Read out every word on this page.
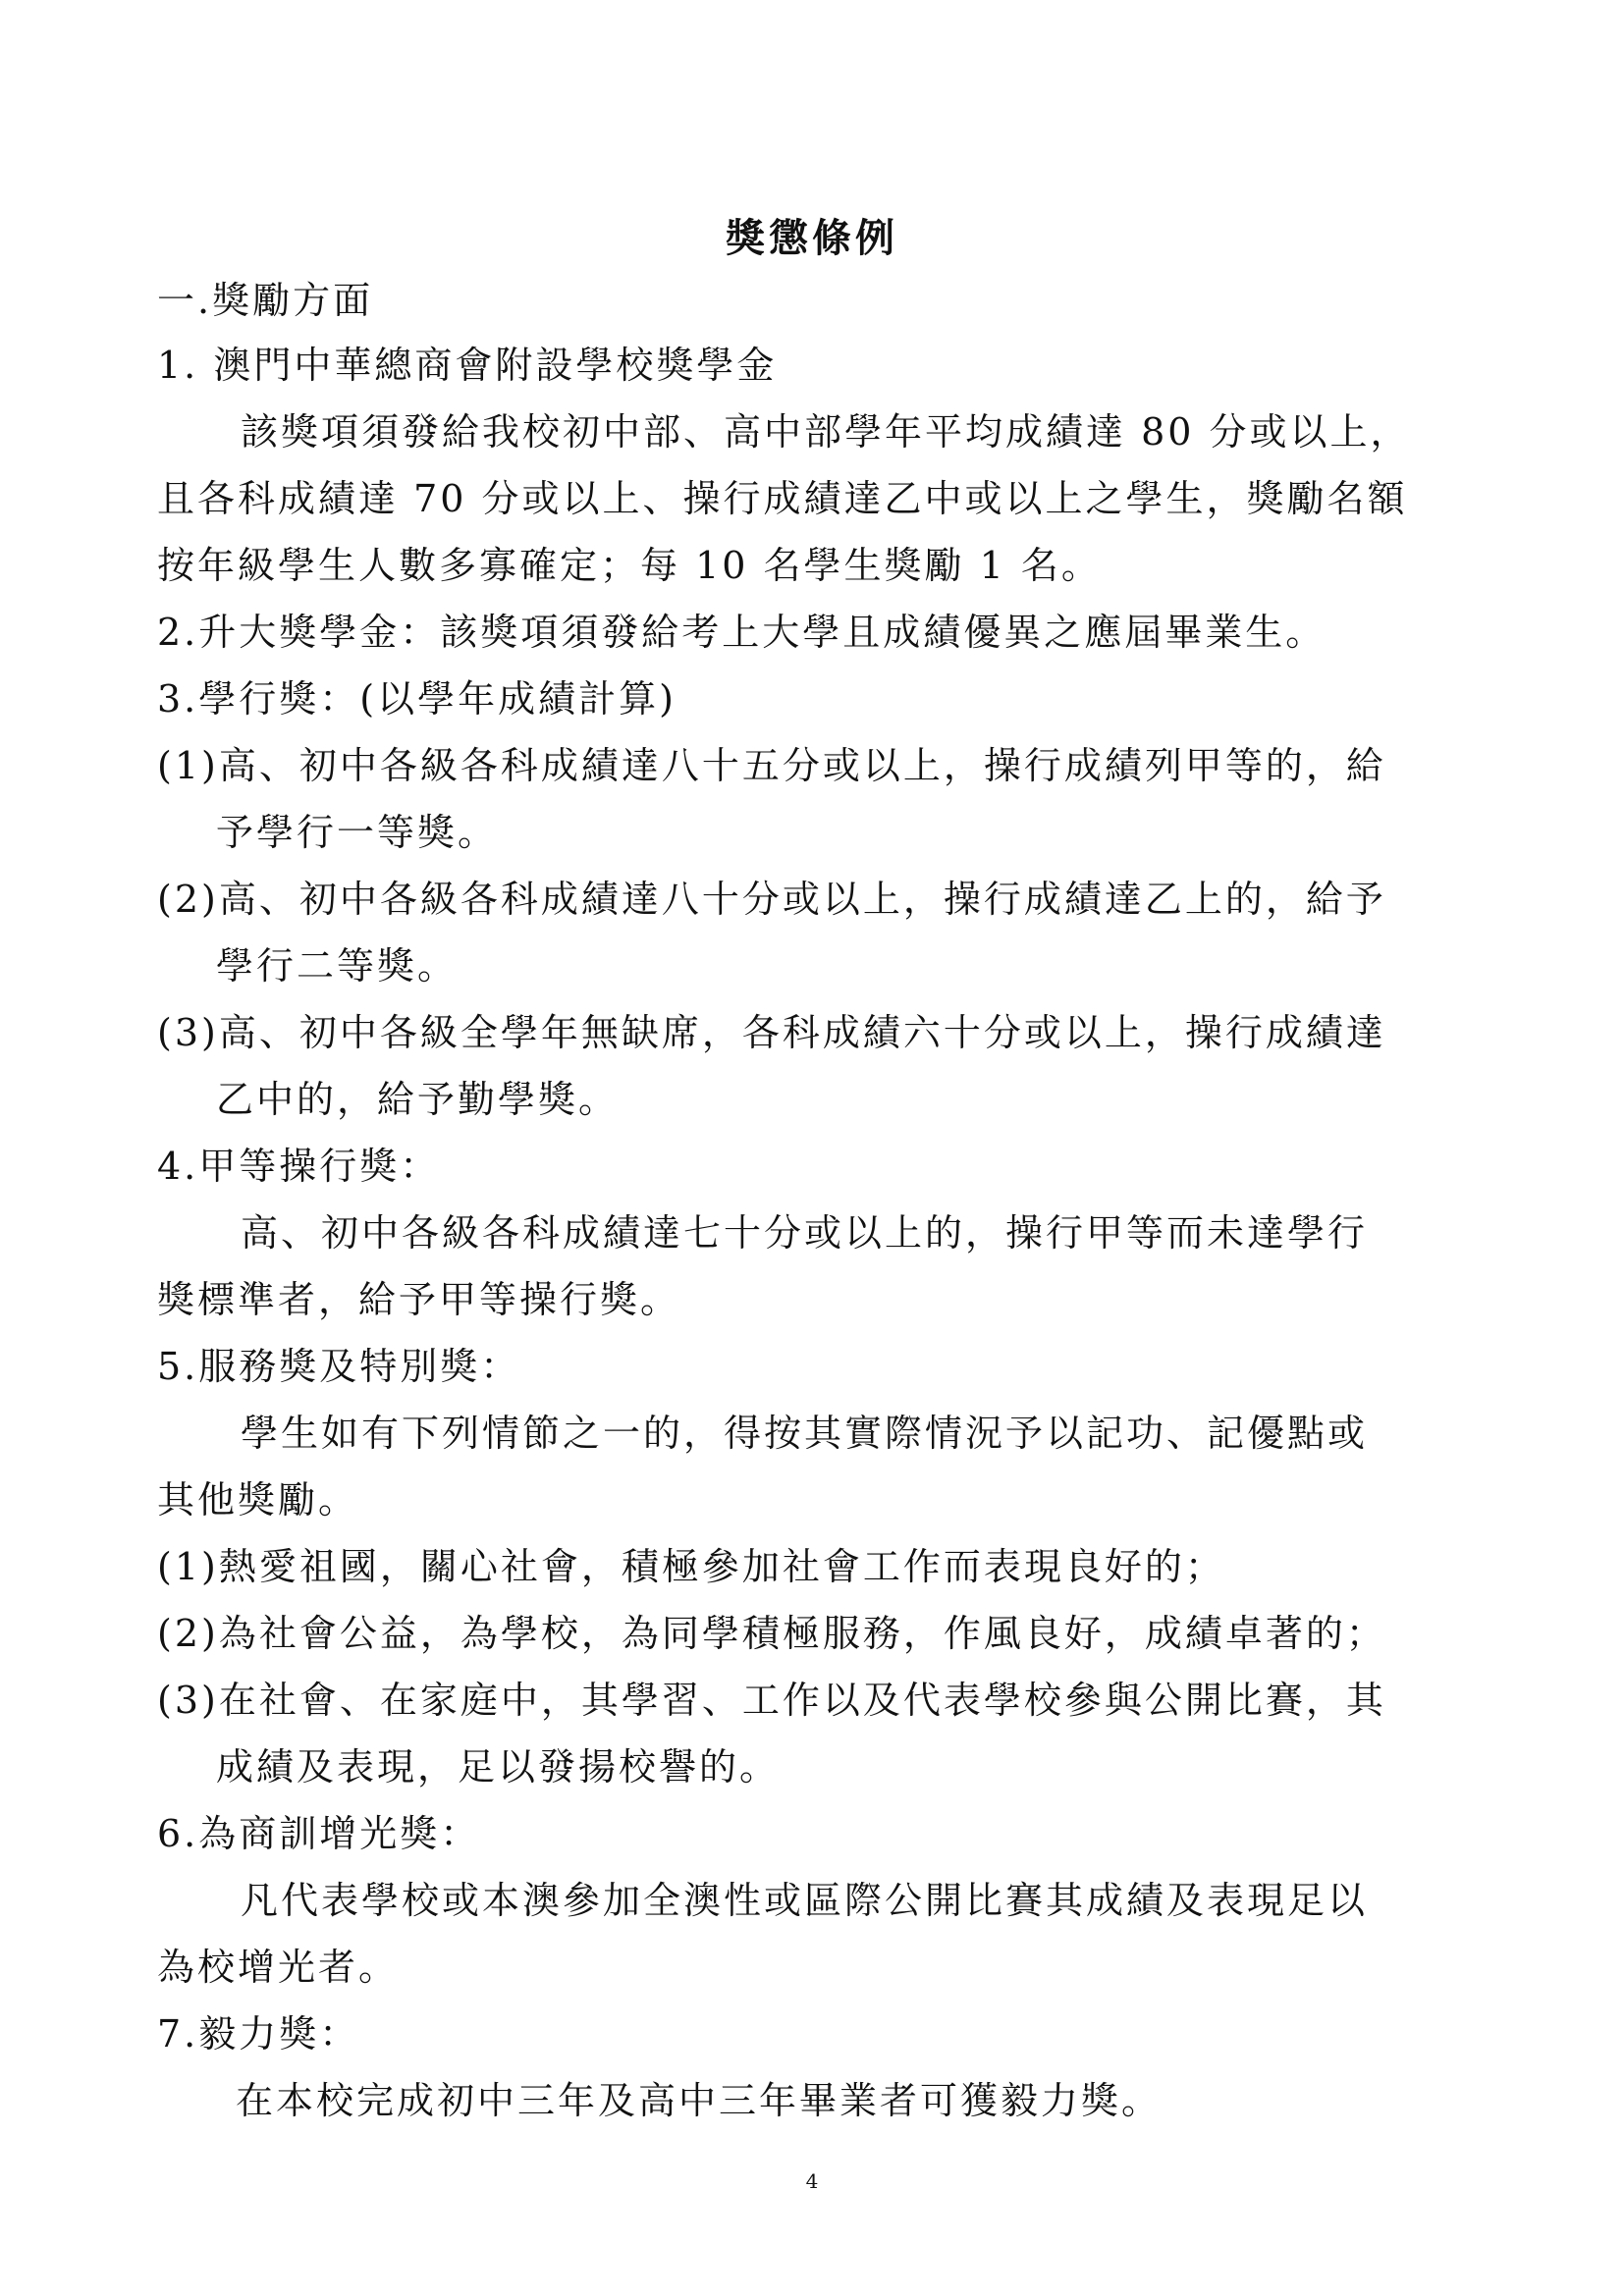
獎懲條例
一.獎勵方面
1. 澳門中華總商會附設學校獎學金
該獎項須發給我校初中部、高中部學年平均成績達 80 分或以上，
且各科成績達 70 分或以上、操行成績達乙中或以上之學生，獎勵名額
按年級學生人數多寡確定；每 10 名學生獎勵 1 名。
2.升大獎學金：該獎項須發給考上大學且成績優異之應屆畢業生。
3.學行獎：(以學年成績計算)
(1)高、初中各級各科成績達八十五分或以上，操行成績列甲等的，給
予學行一等獎。
(2)高、初中各級各科成績達八十分或以上，操行成績達乙上的，給予
學行二等獎。
(3)高、初中各級全學年無缺席，各科成績六十分或以上，操行成績達
乙中的，給予勤學獎。
4.甲等操行獎：
高、初中各級各科成績達七十分或以上的，操行甲等而未達學行
獎標準者，給予甲等操行獎。
5.服務獎及特別獎：
學生如有下列情節之一的，得按其實際情況予以記功、記優點或
其他獎勵。
(1)熱愛祖國，關心社會，積極參加社會工作而表現良好的；
(2)為社會公益，為學校，為同學積極服務，作風良好，成績卓著的；
(3)在社會、在家庭中，其學習、工作以及代表學校參與公開比賽，其
成績及表現，足以發揚校譽的。
6.為商訓增光獎：
凡代表學校或本澳參加全澳性或區際公開比賽其成績及表現足以
為校增光者。
7.毅力獎：
在本校完成初中三年及高中三年畢業者可獲毅力獎。
4
